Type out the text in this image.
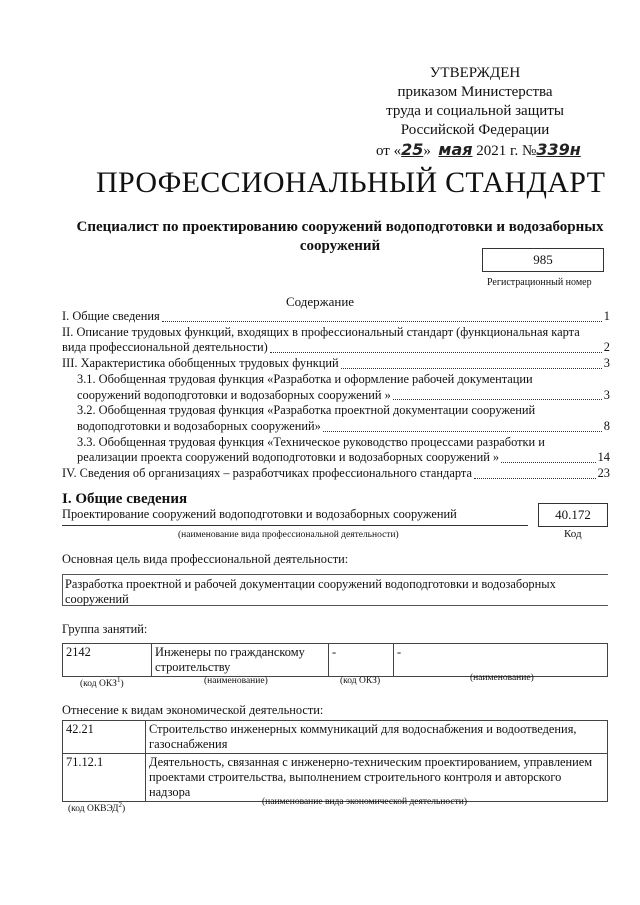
УТВЕРЖДЕН
приказом Министерства
труда и социальной защиты
Российской Федерации
от «25» мая 2021 г. №339н
ПРОФЕССИОНАЛЬНЫЙ СТАНДАРТ
Специалист по проектированию сооружений водоподготовки и водозаборных сооружений
985
Регистрационный номер
Содержание
I. Общие сведения	1
II. Описание трудовых функций, входящих в профессиональный стандарт (функциональная карта
вида профессиональной деятельности)	2
III. Характеристика обобщенных трудовых функций	3
3.1. Обобщенная трудовая функция «Разработка и оформление рабочей документации
сооружений водоподготовки и водозаборных сооружений »	3
3.2. Обобщенная трудовая функция «Разработка проектной документации сооружений
водоподготовки и водозаборных сооружений»	8
3.3. Обобщенная трудовая функция «Техническое руководство процессами разработки и
реализации проекта сооружений водоподготовки и водозаборных сооружений »	14
IV. Сведения об организациях – разработчиках профессионального стандарта	23
I. Общие сведения
Проектирование сооружений водоподготовки и водозаборных сооружений	40.172
(наименование вида профессиональной деятельности)	Код
Основная цель вида профессиональной деятельности:
Разработка проектной и рабочей документации сооружений водоподготовки и водозаборных сооружений
Группа занятий:
2142	Инженеры по гражданскому строительству	-	-
(код ОКЗ$^1$)	(наименование)	(код ОКЗ)	(наименование)
Отнесение к видам экономической деятельности:
42.21	Строительство инженерных коммуникаций для водоснабжения и водоотведения, газоснабжения
71.12.1	Деятельность, связанная с инженерно-техническим проектированием, управлением проектами строительства, выполнением строительного контроля и авторского надзора
(код ОКВЭД$^2$)
(наименование вида экономической деятельности)
